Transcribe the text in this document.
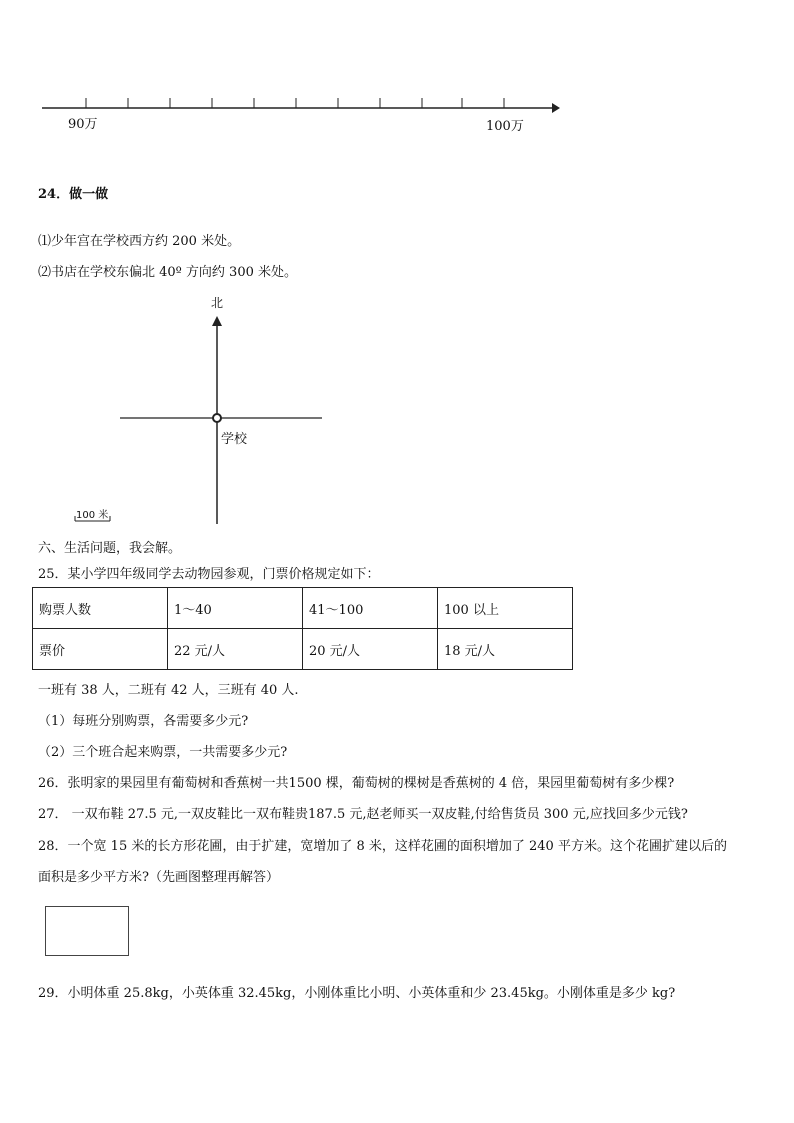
90万	100万
24．做一做
⑴少年宫在学校西方约 200 米处。
⑵书店在学校东偏北 40º 方向约 300 米处。
北
学校
100 米
六、生活问题，我会解。
25．某小学四年级同学去动物园参观，门票价格规定如下：
购票人数	1～40	41～100	100 以上
票价	22 元/人	20 元/人	18 元/人
一班有 38 人，二班有 42 人，三班有 40 人.
（1）每班分别购票，各需要多少元?
（2）三个班合起来购票，一共需要多少元?
26．张明家的果园里有葡萄树和香蕉树一共1500 棵，葡萄树的棵树是香蕉树的 4 倍，果园里葡萄树有多少棵?
27． 一双布鞋 27.5 元,一双皮鞋比一双布鞋贵187.5 元,赵老师买一双皮鞋,付给售货员 300 元,应找回多少元钱?
28．一个宽 15 米的长方形花圃，由于扩建，宽增加了 8 米，这样花圃的面积增加了 240 平方米。这个花圃扩建以后的
面积是多少平方米?（先画图整理再解答）
29．小明体重 25.8kg，小英体重 32.45kg，小刚体重比小明、小英体重和少 23.45kg。小刚体重是多少 kg?
